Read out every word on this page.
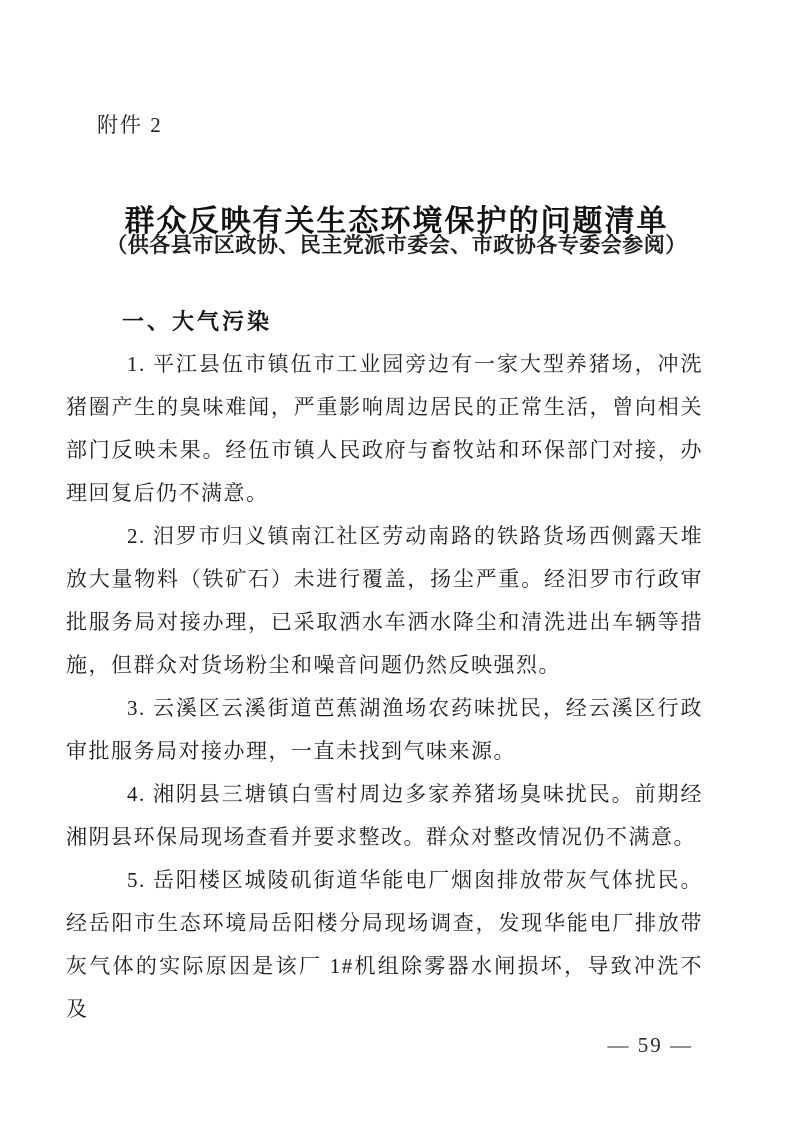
附件 2
群众反映有关生态环境保护的问题清单
（供各县市区政协、民主党派市委会、市政协各专委会参阅）
一、大气污染

1. 平江县伍市镇伍市工业园旁边有一家大型养猪场，冲洗猪圈产生的臭味难闻，严重影响周边居民的正常生活，曾向相关部门反映未果。经伍市镇人民政府与畜牧站和环保部门对接，办理回复后仍不满意。

2. 汨罗市归义镇南江社区劳动南路的铁路货场西侧露天堆放大量物料（铁矿石）未进行覆盖，扬尘严重。经汨罗市行政审批服务局对接办理，已采取洒水车洒水降尘和清洗进出车辆等措施，但群众对货场粉尘和噪音问题仍然反映强烈。

3. 云溪区云溪街道芭蕉湖渔场农药味扰民，经云溪区行政审批服务局对接办理，一直未找到气味来源。

4. 湘阴县三塘镇白雪村周边多家养猪场臭味扰民。前期经湘阴县环保局现场查看并要求整改。群众对整改情况仍不满意。

5. 岳阳楼区城陵矶街道华能电厂烟囱排放带灰气体扰民。经岳阳市生态环境局岳阳楼分局现场调查，发现华能电厂排放带灰气体的实际原因是该厂 1#机组除雾器水闸损坏，导致冲洗不及

— 59 —
